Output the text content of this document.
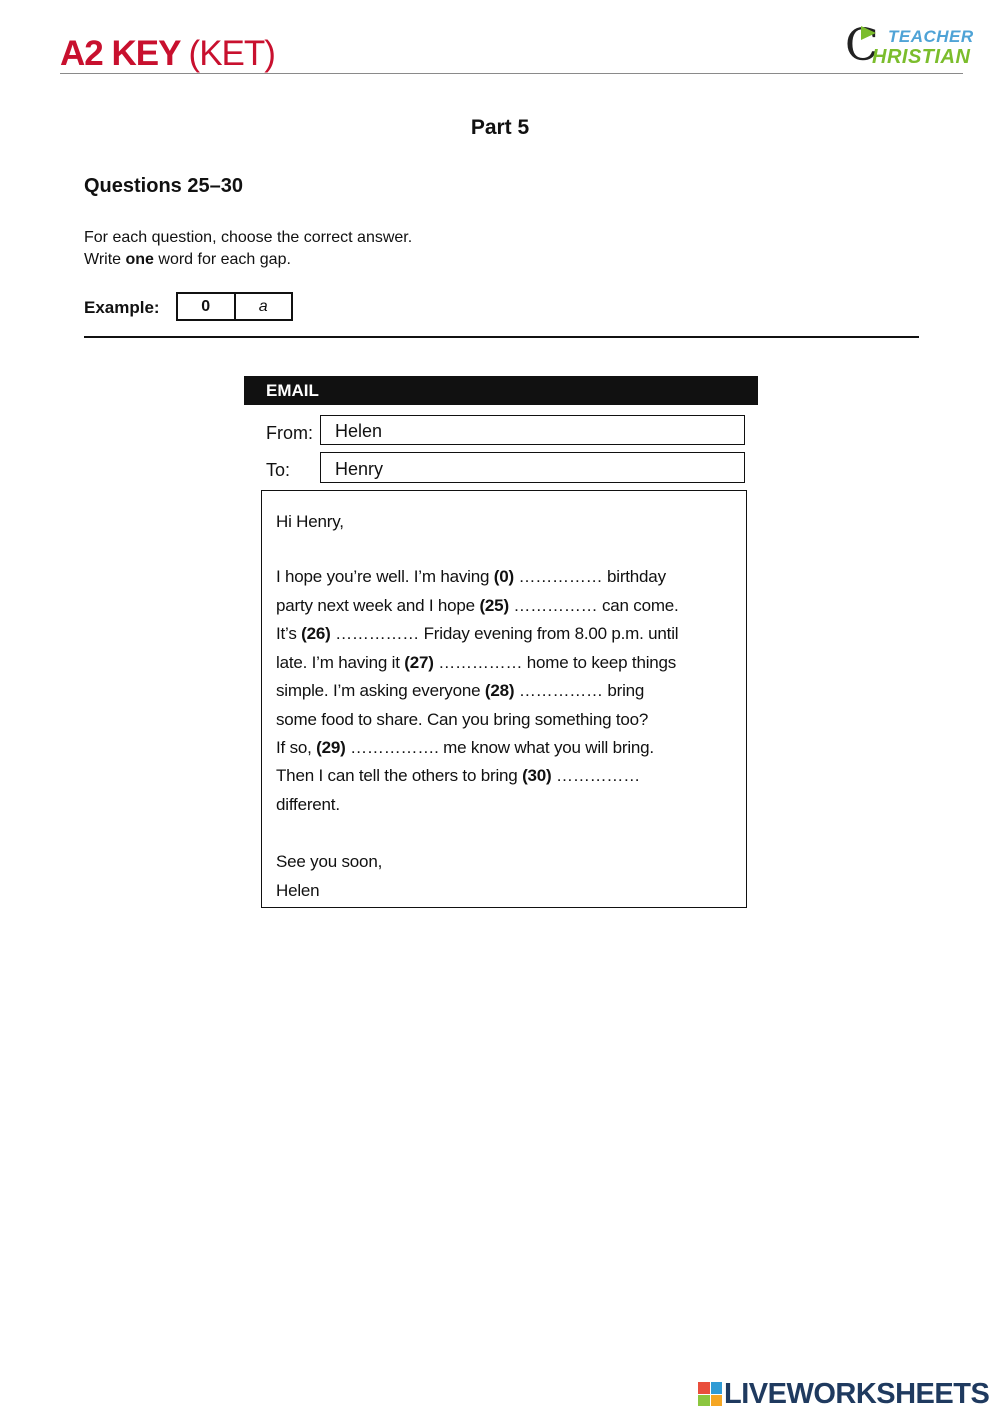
A2 KEY (KET)	C TEACHER
HRISTIAN
Part 5
Questions 25–30
For each question, choose the correct answer.
Write one word for each gap.
Example:	0	a
EMAIL
From: Helen
To: Henry
Hi Henry,
I hope you’re well. I’m having (0) …………… birthday
party next week and I hope (25) …………… can come.
It’s (26) …………… Friday evening from 8.00 p.m. until
late. I’m having it (27) …………… home to keep things
simple. I’m asking everyone (28) …………… bring
some food to share. Can you bring something too?
If so, (29) ……………. me know what you will bring.
Then I can tell the others to bring (30) ……………
different.
See you soon,
Helen
LIVEWORKSHEETS
